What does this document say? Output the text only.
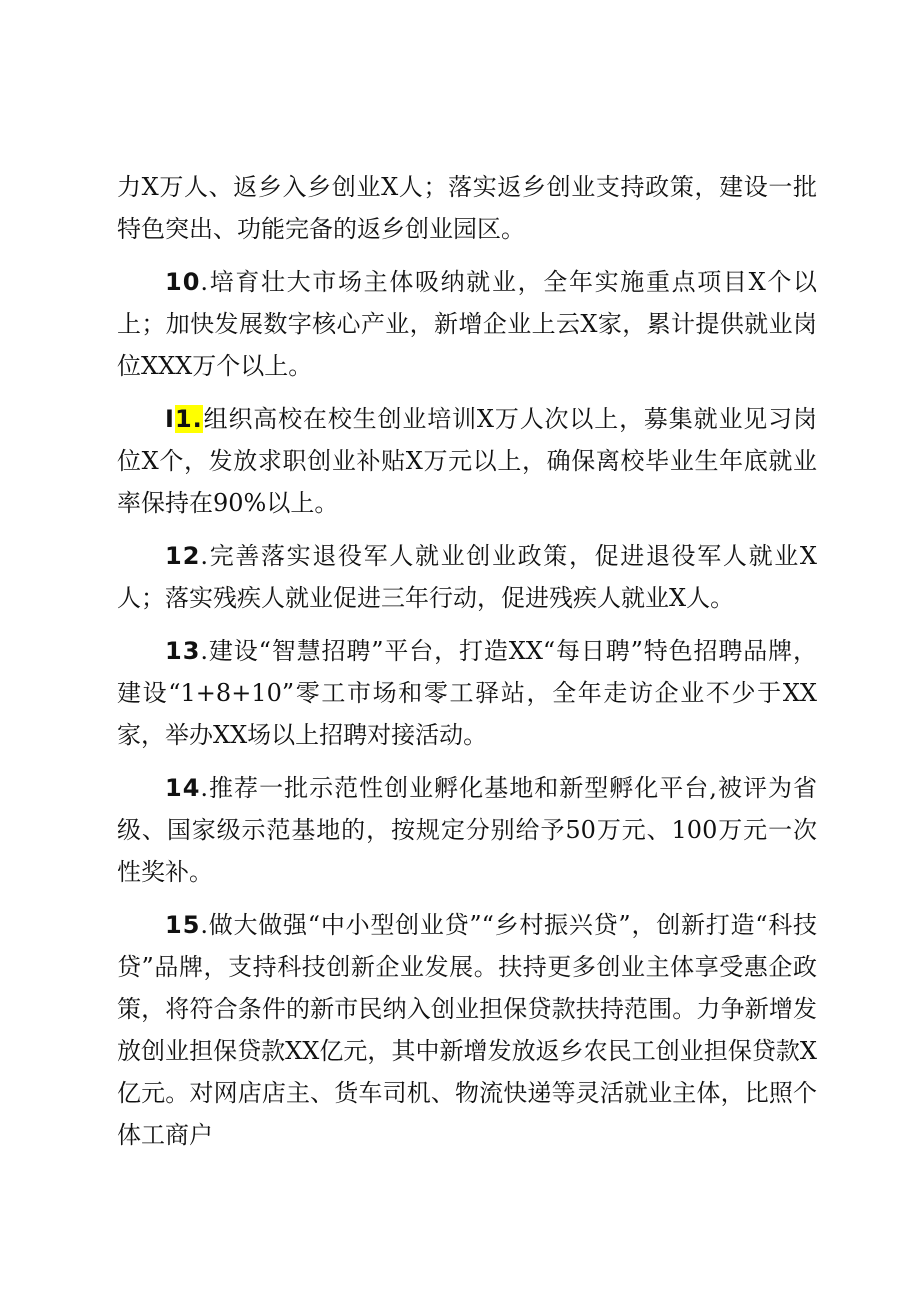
力X万人、返乡入乡创业X人；落实返乡创业支持政策，建设一批特色突出、功能完备的返乡创业园区。

10.培育壮大市场主体吸纳就业，全年实施重点项目X个以上；加快发展数字核心产业，新增企业上云X家，累计提供就业岗位XXX万个以上。

I1.组织高校在校生创业培训X万人次以上，募集就业见习岗位X个，发放求职创业补贴X万元以上，确保离校毕业生年底就业率保持在90%以上。

12.完善落实退役军人就业创业政策，促进退役军人就业X人；落实残疾人就业促进三年行动，促进残疾人就业X人。

13.建设“智慧招聘”平台，打造XX“每日聘”特色招聘品牌，建设“1+8+10”零工市场和零工驿站，全年走访企业不少于XX家，举办XX场以上招聘对接活动。

14.推荐一批示范性创业孵化基地和新型孵化平台,被评为省级、国家级示范基地的，按规定分别给予50万元、100万元一次性奖补。

15.做大做强“中小型创业贷”“乡村振兴贷”，创新打造“科技贷”品牌，支持科技创新企业发展。扶持更多创业主体享受惠企政策，将符合条件的新市民纳入创业担保贷款扶持范围。力争新增发放创业担保贷款XX亿元，其中新增发放返乡农民工创业担保贷款X亿元。对网店店主、货车司机、物流快递等灵活就业主体，比照个体工商户
